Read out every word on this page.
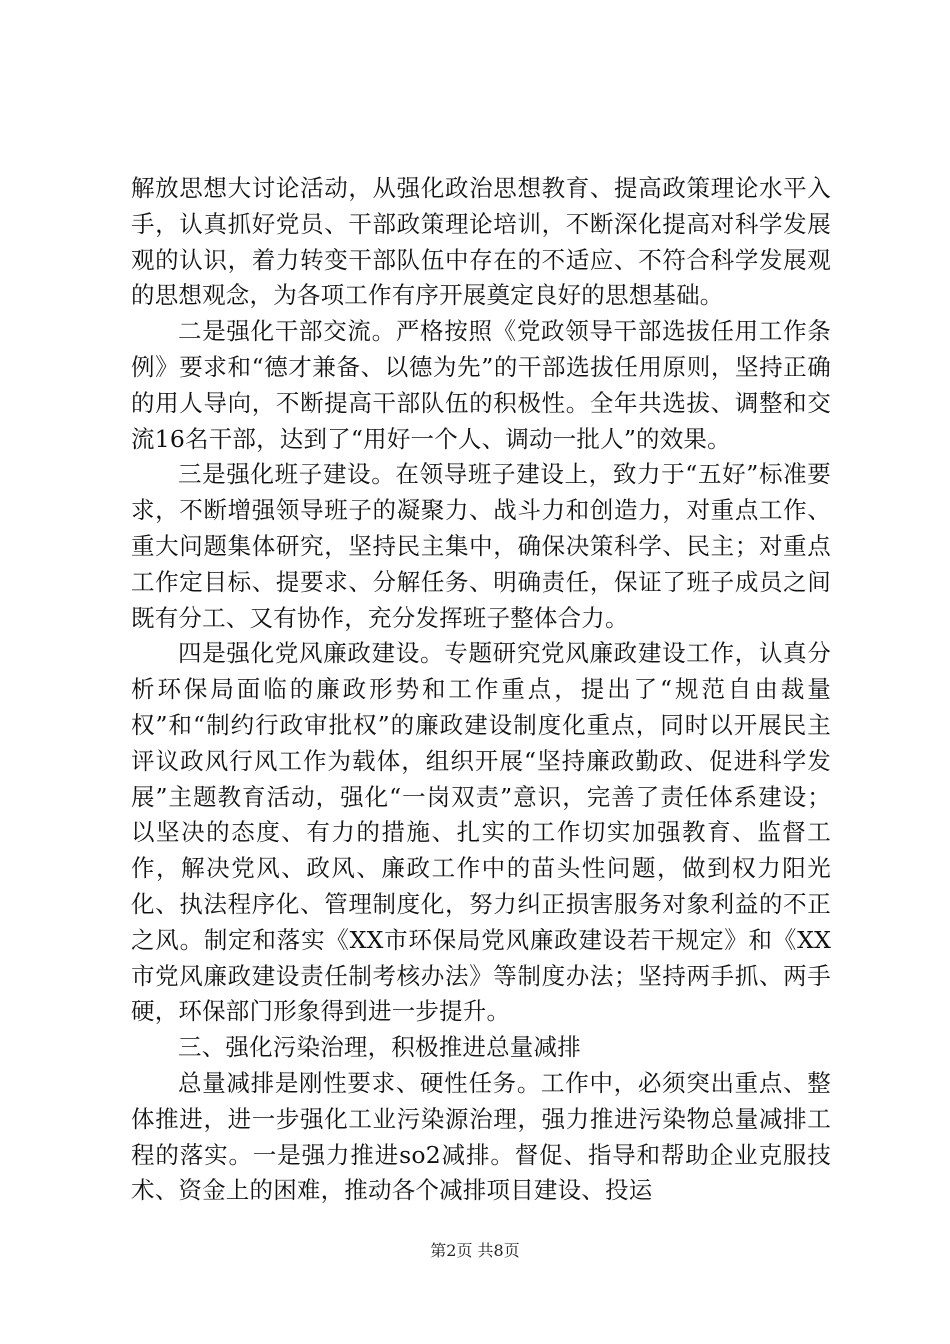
解放思想大讨论活动，从强化政治思想教育、提高政策理论水平入手，认真抓好党员、干部政策理论培训，不断深化提高对科学发展观的认识，着力转变干部队伍中存在的不适应、不符合科学发展观的思想观念，为各项工作有序开展奠定良好的思想基础。

二是强化干部交流。严格按照《党政领导干部选拔任用工作条例》要求和“德才兼备、以德为先”的干部选拔任用原则，坚持正确的用人导向，不断提高干部队伍的积极性。全年共选拔、调整和交流16名干部，达到了“用好一个人、调动一批人”的效果。

三是强化班子建设。在领导班子建设上，致力于“五好”标准要求，不断增强领导班子的凝聚力、战斗力和创造力，对重点工作、重大问题集体研究，坚持民主集中，确保决策科学、民主；对重点工作定目标、提要求、分解任务、明确责任，保证了班子成员之间既有分工、又有协作，充分发挥班子整体合力。

四是强化党风廉政建设。专题研究党风廉政建设工作，认真分析环保局面临的廉政形势和工作重点，提出了“规范自由裁量权”和“制约行政审批权”的廉政建设制度化重点，同时以开展民主评议政风行风工作为载体，组织开展“坚持廉政勤政、促进科学发展”主题教育活动，强化“一岗双责”意识，完善了责任体系建设；以坚决的态度、有力的措施、扎实的工作切实加强教育、监督工作，解决党风、政风、廉政工作中的苗头性问题，做到权力阳光化、执法程序化、管理制度化，努力纠正损害服务对象利益的不正之风。制定和落实《XX市环保局党风廉政建设若干规定》和《XX市党风廉政建设责任制考核办法》等制度办法；坚持两手抓、两手硬，环保部门形象得到进一步提升。

三、强化污染治理，积极推进总量减排

总量减排是刚性要求、硬性任务。工作中，必须突出重点、整体推进，进一步强化工业污染源治理，强力推进污染物总量减排工程的落实。一是强力推进so2减排。督促、指导和帮助企业克服技术、资金上的困难，推动各个减排项目建设、投运

第2页 共8页
